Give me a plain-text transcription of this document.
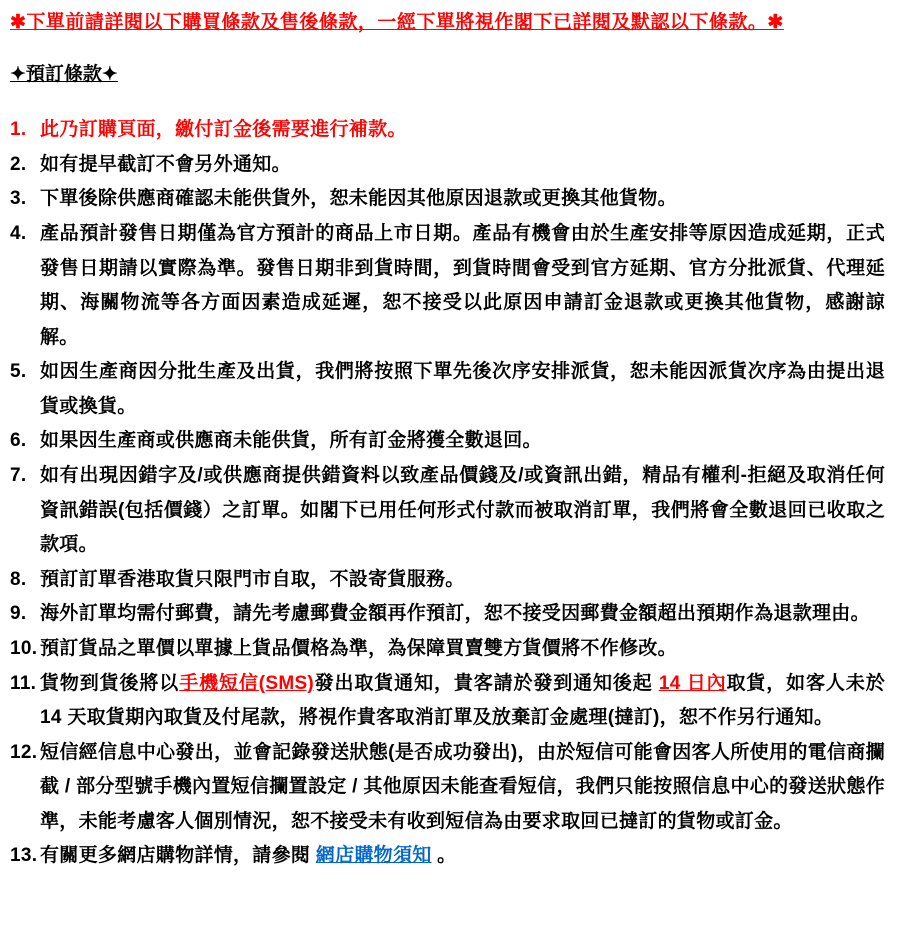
✱下單前請詳閱以下購買條款及售後條款，一經下單將視作閣下已詳閱及默認以下條款。✱
✦預訂條款✦
1. 此乃訂購頁面，繳付訂金後需要進行補款。
2. 如有提早截訂不會另外通知。
3. 下單後除供應商確認未能供貨外，恕未能因其他原因退款或更換其他貨物。
4. 產品預計發售日期僅為官方預計的商品上市日期。產品有機會由於生產安排等原因造成延期，正式發售日期請以實際為準。發售日期非到貨時間，到貨時間會受到官方延期、官方分批派貨、代理延期、海關物流等各方面因素造成延遲，恕不接受以此原因申請訂金退款或更換其他貨物，感謝諒解。
5. 如因生產商因分批生產及出貨，我們將按照下單先後次序安排派貨，恕未能因派貨次序為由提出退貨或換貨。
6. 如果因生產商或供應商未能供貨，所有訂金將獲全數退回。
7. 如有出現因錯字及/或供應商提供錯資料以致產品價錢及/或資訊出錯，精品有權利-拒絕及取消任何資訊錯誤(包括價錢）之訂單。如閣下已用任何形式付款而被取消訂單，我們將會全數退回已收取之款項。
8. 預訂訂單香港取貨只限門市自取，不設寄貨服務。
9. 海外訂單均需付郵費，請先考慮郵費金額再作預訂，恕不接受因郵費金額超出預期作為退款理由。
10. 預訂貨品之單價以單據上貨品價格為準，為保障買賣雙方貨價將不作修改。
11. 貨物到貨後將以手機短信(SMS)發出取貨通知，貴客請於發到通知後起 14 日內取貨，如客人未於 14 天取貨期內取貨及付尾款，將視作貴客取消訂單及放棄訂金處理(撻訂)，恕不作另行通知。
12. 短信經信息中心發出，並會記錄發送狀態(是否成功發出)，由於短信可能會因客人所使用的電信商攔截 / 部分型號手機內置短信攔置設定 / 其他原因未能查看短信，我們只能按照信息中心的發送狀態作準，未能考慮客人個別情況，恕不接受未有收到短信為由要求取回已撻訂的貨物或訂金。
13. 有關更多網店購物詳情，請參閱 網店購物須知 。
